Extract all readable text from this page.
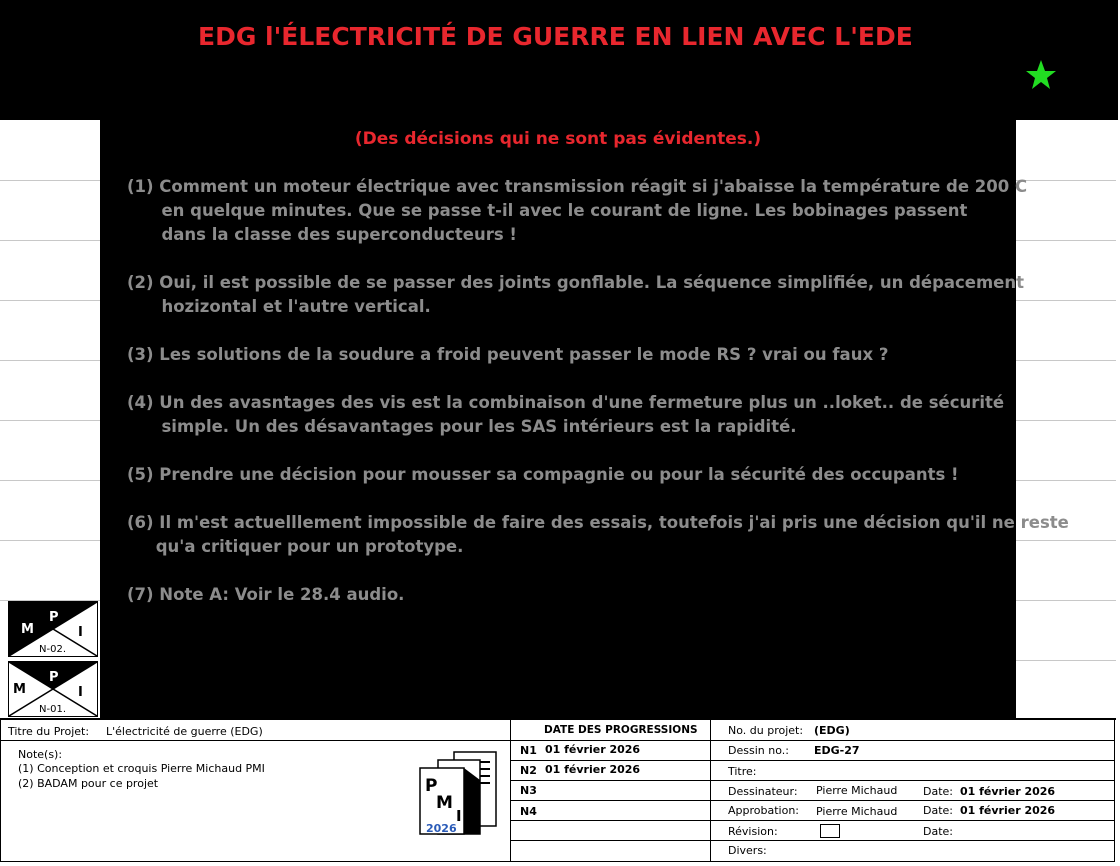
EDG l'ÉLECTRICITÉ DE GUERRE EN LIEN AVEC L'EDE
M
P
I
N-02.
M
P
I
N-01.
(Des décisions qui ne sont pas évidentes.)
(1) Comment un moteur électrique avec transmission réagit si j'abaisse la température de 200 C
en quelque minutes. Que se passe t-il avec le courant de ligne. Les bobinages passent
dans la classe des superconducteurs !
(2) Oui, il est possible de se passer des joints gonflable. La séquence simplifiée, un dépacement
hozizontal et l'autre vertical.
(3) Les solutions de la soudure a froid peuvent passer le mode RS ? vrai ou faux ?
(4) Un des avasntages des vis est la combinaison d'une fermeture plus un ..loket.. de sécurité
simple. Un des désavantages pour les SAS intérieurs est la rapidité.
(5) Prendre une décision pour mousser sa compagnie ou pour la sécurité des occupants !
(6) Il m'est actuelllement impossible de faire des essais, toutefois j'ai pris une décision qu'il ne reste
qu'a critiquer pour un prototype.
(7) Note A: Voir le 28.4 audio.
Titre du Projet: L'électricité de guerre (EDG)
Note(s):
(1) Conception et croquis Pierre Michaud PMI
(2) BADAM pour ce projet	P
M
I
2026
DATE DES PROGRESSIONS
N1 01 février 2026
N2 01 février 2026
N3
N4
No. du projet: (EDG)
Dessin no.: EDG-27
Titre:
Dessinateur: Pierre Michaud Date: 01 février 2026
Approbation: Pierre Michaud Date: 01 février 2026
Révision:	Date:
Divers:
